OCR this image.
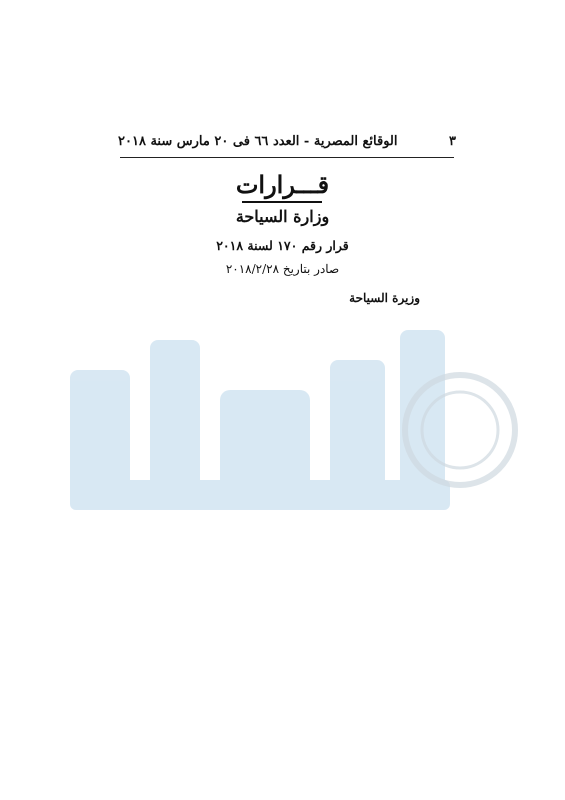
٣
الوقائع المصرية - العدد ٦٦ فى ٢٠ مارس سنة ٢٠١٨
قـــرارات
وزارة السياحة
قرار رقم ١٧٠ لسنة ٢٠١٨
صادر بتاريخ ٢٠١٨/٢/٢٨
وزيرة السياحة
